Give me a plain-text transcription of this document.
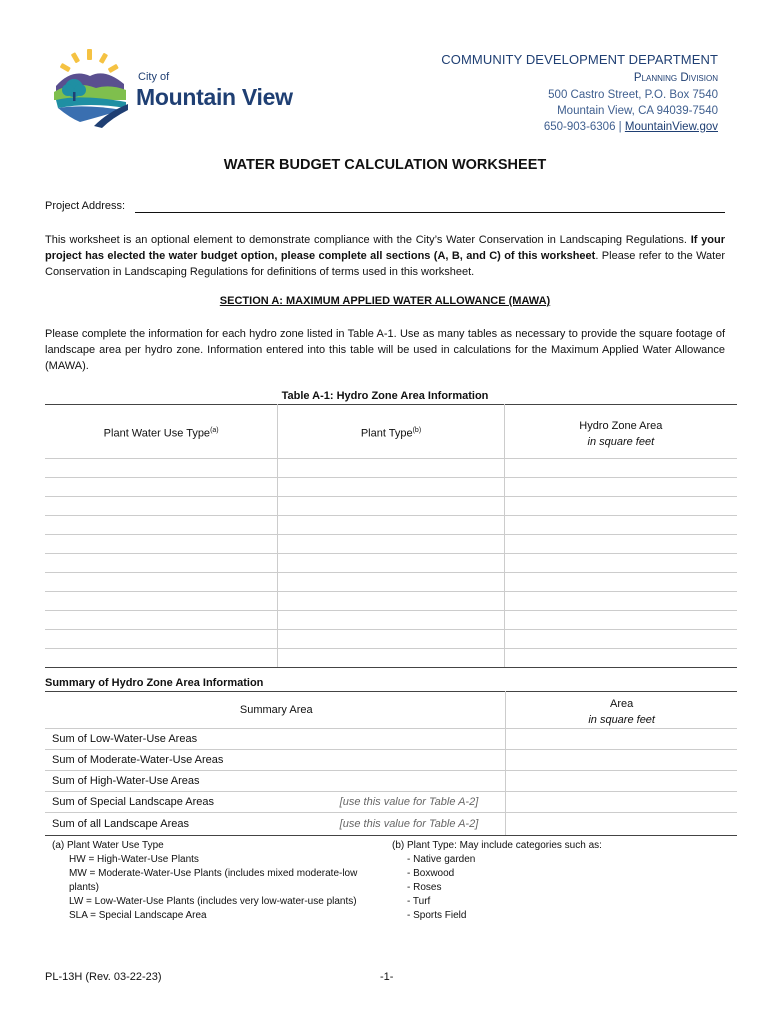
City of
Mountain View
COMMUNITY DEVELOPMENT DEPARTMENT
Planning Division
500 Castro Street, P.O. Box 7540
Mountain View, CA 94039-7540
650-903-6306 | MountainView.gov
WATER BUDGET CALCULATION WORKSHEET
Project Address:
This worksheet is an optional element to demonstrate compliance with the City’s Water Conservation in Landscaping Regulations. If your project has elected the water budget option, please complete all sections (A, B, and C) of this worksheet. Please refer to the Water Conservation in Landscaping Regulations for definitions of terms used in this worksheet.
SECTION A: MAXIMUM APPLIED WATER ALLOWANCE (MAWA)
Please complete the information for each hydro zone listed in Table A-1. Use as many tables as necessary to provide the square footage of landscape area per hydro zone. Information entered into this table will be used in calculations for the Maximum Applied Water Allowance (MAWA).
Table A-1: Hydro Zone Area Information
Plant Water Use Type$^{(a)}$	Plant Type$^{(b)}$	Hydro Zone Area
in square feet

Summary of Hydro Zone Area Information
Summary Area		Area
in square feet

Sum of Low-Water-Use Areas		
Sum of Moderate-Water-Use Areas		
Sum of High-Water-Use Areas		
Sum of Special Landscape Areas	[use this value for Table A-2]	
Sum of all Landscape Areas	[use this value for Table A-2]	
(a) Plant Water Use Type
HW = High-Water-Use Plants
MW = Moderate-Water-Use Plants (includes mixed moderate-low plants)
LW = Low-Water-Use Plants (includes very low-water-use plants)
SLA = Special Landscape Area
(b) Plant Type: May include categories such as:
- Native garden
- Boxwood
- Roses
- Turf
- Sports Field
PL-13H (Rev. 03-22-23)	-1-
